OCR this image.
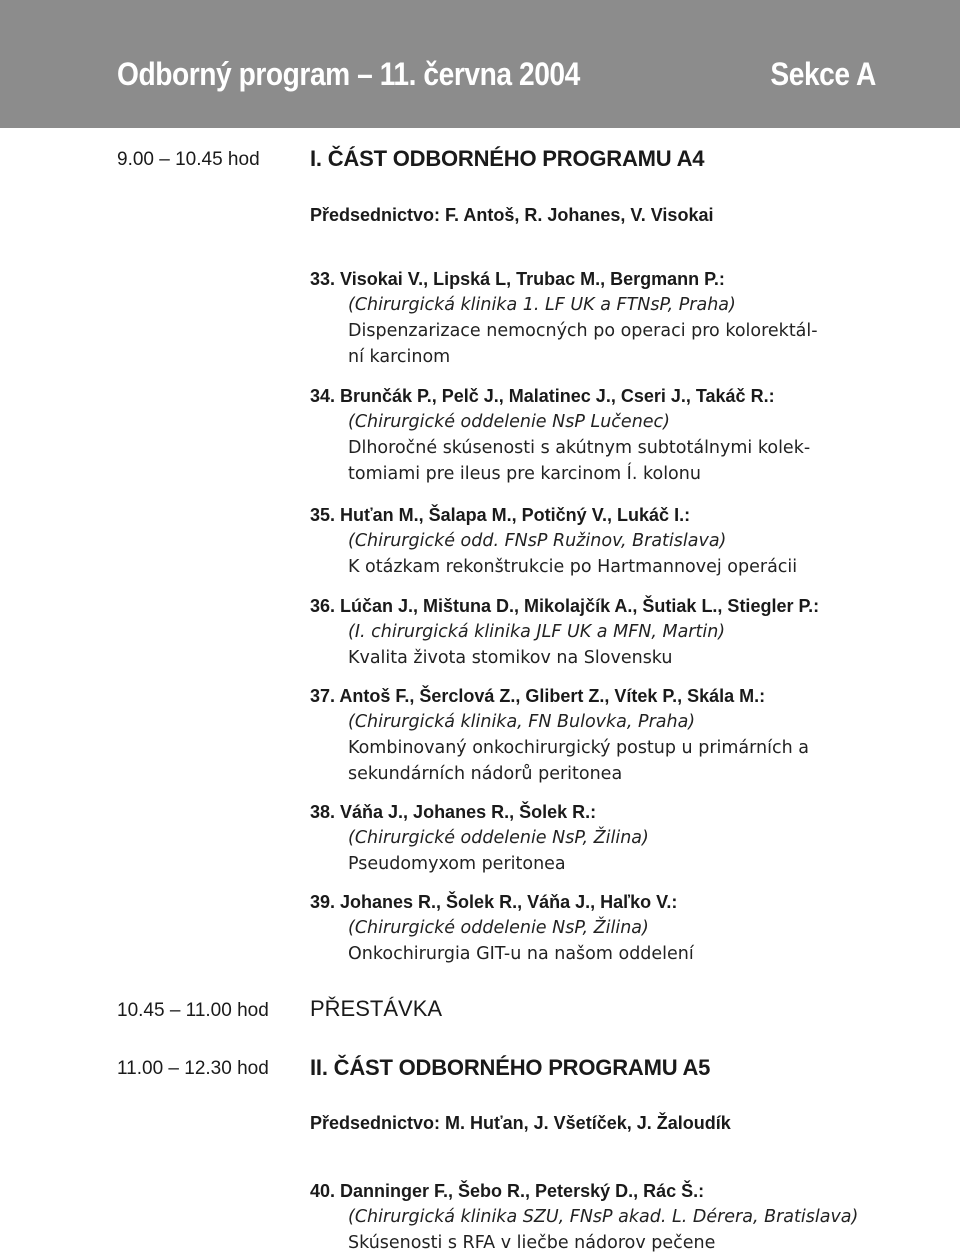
Odborný program – 11. června 2004	Sekce A
9.00 – 10.45 hod I. ČÁST ODBORNÉHO PROGRAMU A4
Předsednictvo: F. Antoš, R. Johanes, V. Visokai
33. Visokai V., Lipská L, Trubac M., Bergmann P.:
(Chirurgická klinika 1. LF UK a FTNsP, Praha)
Dispenzarizace nemocných po operaci pro kolorektál-
ní karcinom
34. Brunčák P., Pelč J., Malatinec J., Cseri J., Takáč R.:
(Chirurgické oddelenie NsP Lučenec)
Dlhoročné skúsenosti s akútnym subtotálnymi kolek-
tomiami pre ileus pre karcinom Í. kolonu
35. Huťan M., Šalapa M., Potičný V., Lukáč I.:
(Chirurgické odd. FNsP Ružinov, Bratislava)
K otázkam rekonštrukcie po Hartmannovej operácii
36. Lúčan J., Mištuna D., Mikolajčík A., Šutiak L., Stiegler P.:
(I. chirurgická klinika JLF UK a MFN, Martin)
Kvalita života stomikov na Slovensku
37. Antoš F., Šerclová Z., Glibert Z., Vítek P., Skála M.:
(Chirurgická klinika, FN Bulovka, Praha)
Kombinovaný onkochirurgický postup u primárních a
sekundárních nádorů peritonea
38. Váňa J., Johanes R., Šolek R.:
(Chirurgické oddelenie NsP, Žilina)
Pseudomyxom peritonea
39. Johanes R., Šolek R., Váňa J., Haľko V.:
(Chirurgické oddelenie NsP, Žilina)
Onkochirurgia GIT-u na našom oddelení
10.45 – 11.00 hod PŘESTÁVKA
11.00 – 12.30 hod II. ČÁST ODBORNÉHO PROGRAMU A5
Předsednictvo: M. Huťan, J. Všetíček, J. Žaloudík
40. Danninger F., Šebo R., Peterský D., Rác Š.:
(Chirurgická klinika SZU, FNsP akad. L. Dérera, Bratislava)
Skúsenosti s RFA v liečbe nádorov pečene
